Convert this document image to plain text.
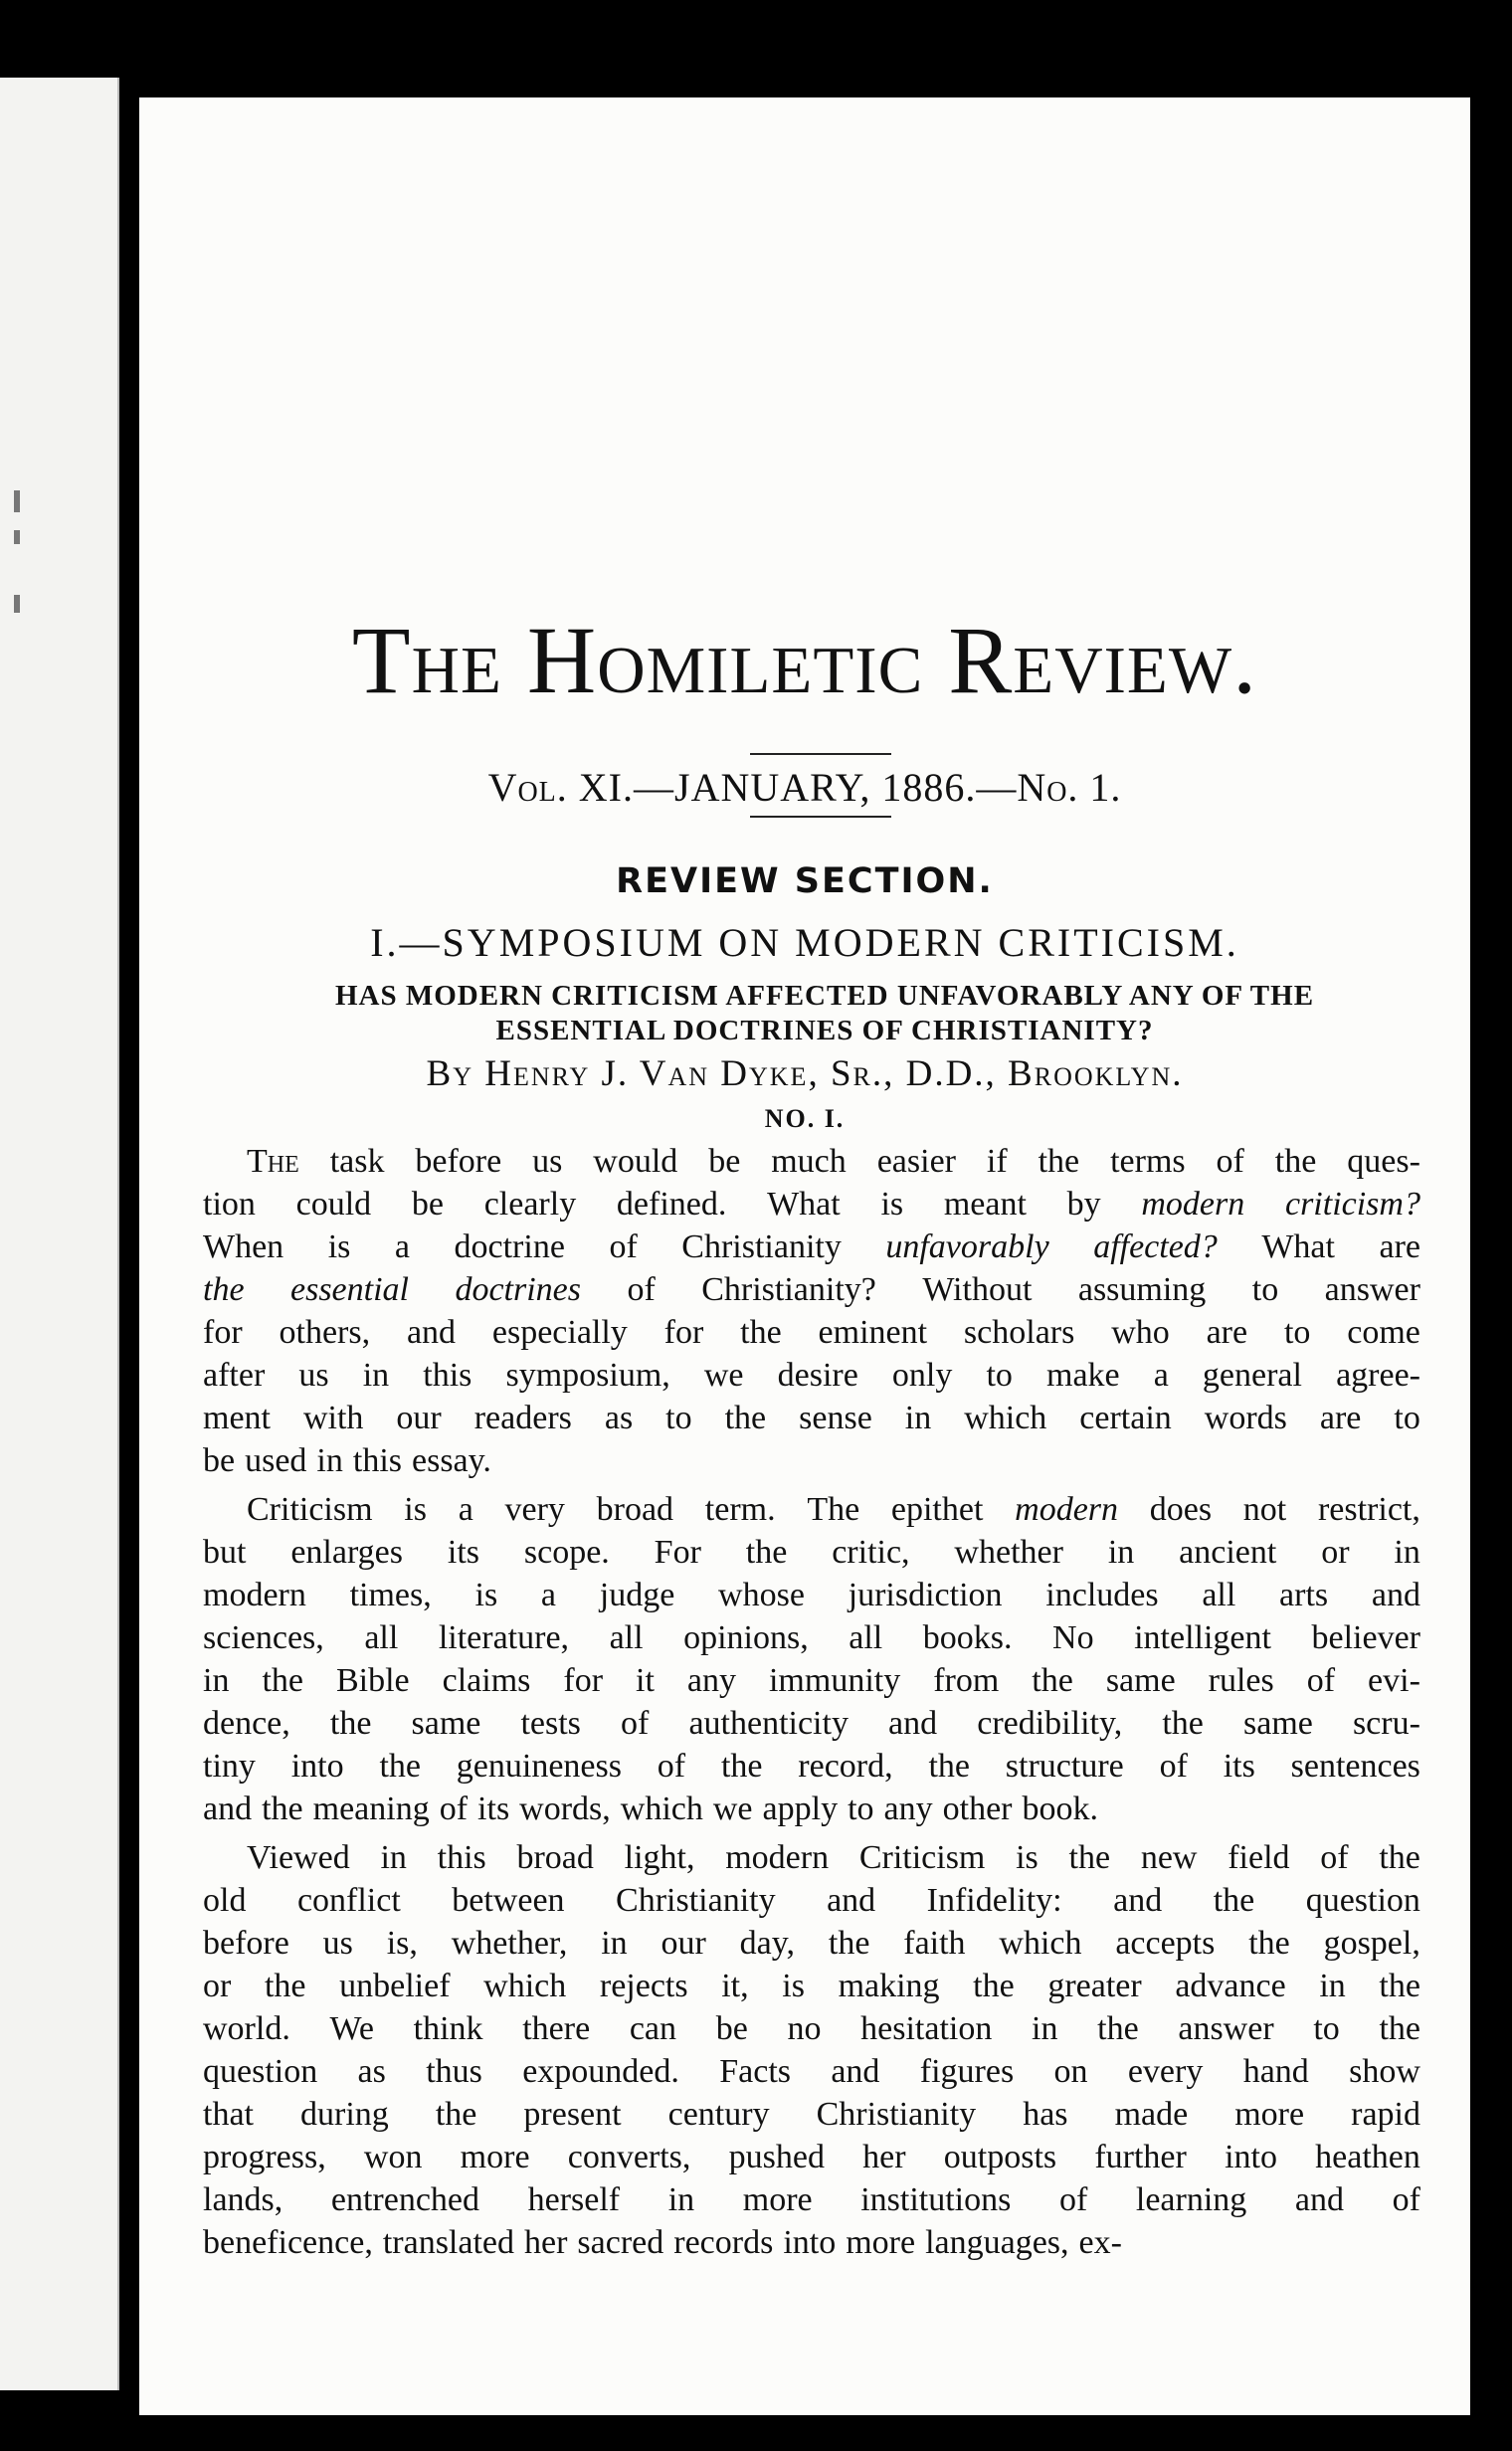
The Homiletic Review.
Vol. XI.—JANUARY, 1886.—No. 1.
REVIEW SECTION.
I.—SYMPOSIUM ON MODERN CRITICISM.
HAS MODERN CRITICISM AFFECTED UNFAVORABLY ANY OF THE
ESSENTIAL DOCTRINES OF CHRISTIANITY?
By Henry J. Van Dyke, Sr., D.D., Brooklyn.
NO. I.
The task before us would be much easier if the terms of the ques-
tion could be clearly defined. What is meant by modern criticism?
When is a doctrine of Christianity unfavorably affected? What are
the essential doctrines of Christianity? Without assuming to answer
for others, and especially for the eminent scholars who are to come
after us in this symposium, we desire only to make a general agree-
ment with our readers as to the sense in which certain words are to
be used in this essay.
Criticism is a very broad term. The epithet modern does not restrict,
but enlarges its scope. For the critic, whether in ancient or in
modern times, is a judge whose jurisdiction includes all arts and
sciences, all literature, all opinions, all books. No intelligent believer
in the Bible claims for it any immunity from the same rules of evi-
dence, the same tests of authenticity and credibility, the same scru-
tiny into the genuineness of the record, the structure of its sentences
and the meaning of its words, which we apply to any other book.
Viewed in this broad light, modern Criticism is the new field of the
old conflict between Christianity and Infidelity: and the question
before us is, whether, in our day, the faith which accepts the gospel,
or the unbelief which rejects it, is making the greater advance in the
world. We think there can be no hesitation in the answer to the
question as thus expounded. Facts and figures on every hand show
that during the present century Christianity has made more rapid
progress, won more converts, pushed her outposts further into heathen
lands, entrenched herself in more institutions of learning and of
beneficence, translated her sacred records into more languages, ex-
